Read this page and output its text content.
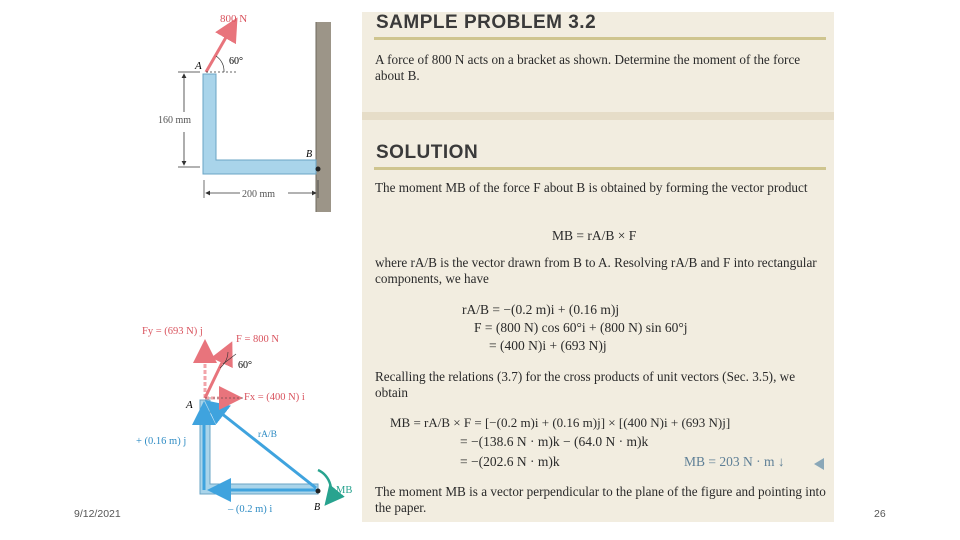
800 N
60°
A
B
160 mm
200 mm
60°
Fy = (693 N) j
F = 800 N
Fx = (400 N) i
A
B
rA/B
+ (0.16 m) j
– (0.2 m) i
MB
SAMPLE PROBLEM 3.2
A force of 800 N acts on a bracket as shown. Determine the moment of the force about B.
SOLUTION
The moment MB of the force F about B is obtained by forming the vector product
MB = rA/B × F
where rA/B is the vector drawn from B to A. Resolving rA/B and F into rectangular components, we have
rA/B = −(0.2 m)i + (0.16 m)j
F = (800 N) cos 60°i + (800 N) sin 60°j
= (400 N)i + (693 N)j
Recalling the relations (3.7) for the cross products of unit vectors (Sec. 3.5), we obtain
MB = rA/B × F = [−(0.2 m)i + (0.16 m)j] × [(400 N)i + (693 N)j]
= −(138.6 N · m)k − (64.0 N · m)k
= −(202.6 N · m)k	MB = 203 N · m ↓
The moment MB is a vector perpendicular to the plane of the figure and pointing into the paper.
9/12/2021	26
